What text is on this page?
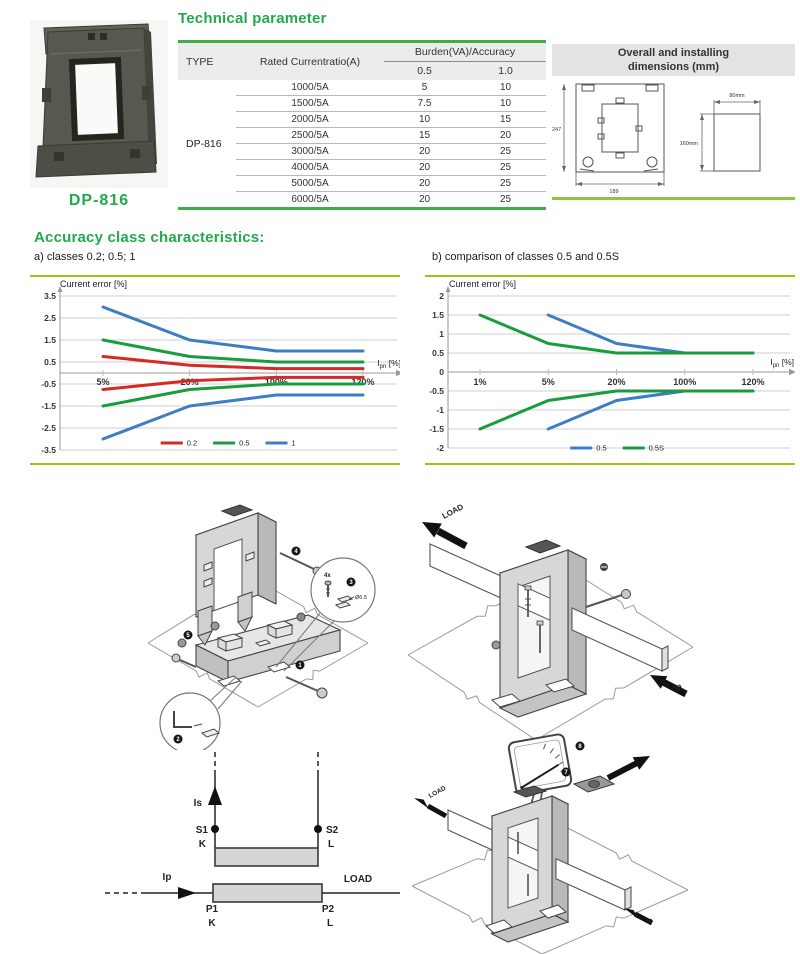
DP-816
Technical parameter
TYPE	Rated Currentratio(A)
Burden(VA)/Accuracy
0.5	1.0
DP-816
1000/5A	5	10
1500/5A	7.5	10
2000/5A	10	15
2500/5A	15	20
3000/5A	20	25
4000/5A	20	25
5000/5A	20	25
6000/5A	20	25
Overall and installing
dimensions (mm)
247
189
80mm
160mm
Accuracy class characteristics:
a) classes 0.2; 0.5; 1	b) comparison of classes 0.5 and 0.5S
3.5
2.5
1.5
0.5
-0.5
-1.5
-2.5
-3.5
5%	20%	100%	120%
$I_{pn}$ [%]
Current error [%]
0.2	0.5	1
2
1.5
1
0.5
0
-0.5
-1
-1.5
-2
1%	5%	20%	100%	120%
$I_{pn}$ [%]
Current error [%]
0.5	0.5S
4x
Ø6.5
3
2
4
1
5
LOAD
Ip
Is
S1
K
S2
L
Ip	LOAD
P1
K
P2
L
8
7
LOAD
Ip
